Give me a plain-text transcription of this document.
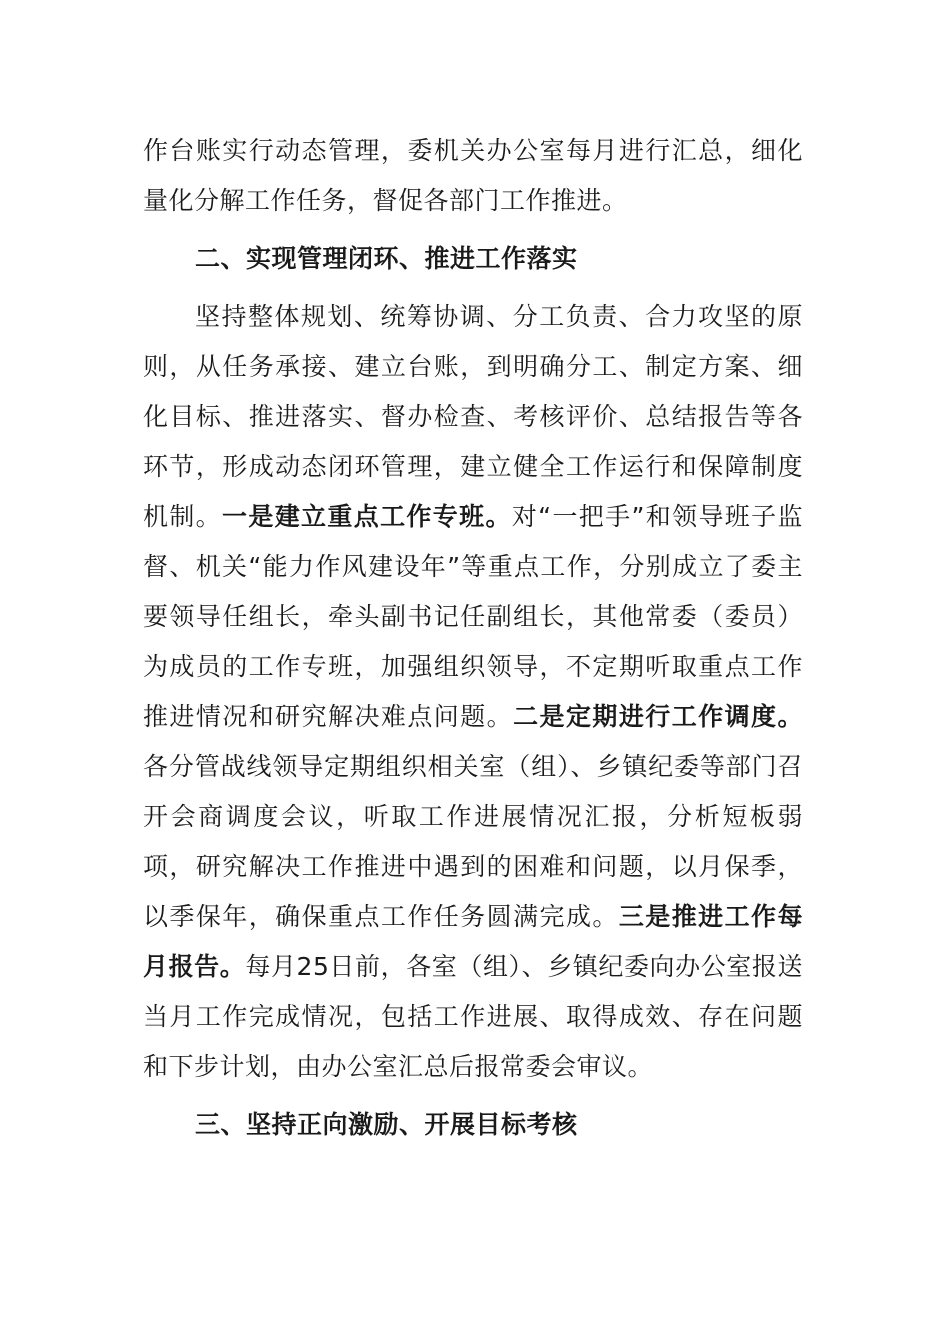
作台账实行动态管理，委机关办公室每月进行汇总，细化量化分解工作任务，督促各部门工作推进。

二、实现管理闭环、推进工作落实

坚持整体规划、统筹协调、分工负责、合力攻坚的原则，从任务承接、建立台账，到明确分工、制定方案、细化目标、推进落实、督办检查、考核评价、总结报告等各环节，形成动态闭环管理，建立健全工作运行和保障制度机制。一是建立重点工作专班。对“一把手”和领导班子监督、机关“能力作风建设年”等重点工作，分别成立了委主要领导任组长，牵头副书记任副组长，其他常委（委员）为成员的工作专班，加强组织领导，不定期听取重点工作推进情况和研究解决难点问题。二是定期进行工作调度。各分管战线领导定期组织相关室（组）、乡镇纪委等部门召开会商调度会议，听取工作进展情况汇报，分析短板弱项，研究解决工作推进中遇到的困难和问题，以月保季，以季保年，确保重点工作任务圆满完成。三是推进工作每月报告。每月25日前，各室（组）、乡镇纪委向办公室报送当月工作完成情况，包括工作进展、取得成效、存在问题和下步计划，由办公室汇总后报常委会审议。

三、坚持正向激励、开展目标考核
